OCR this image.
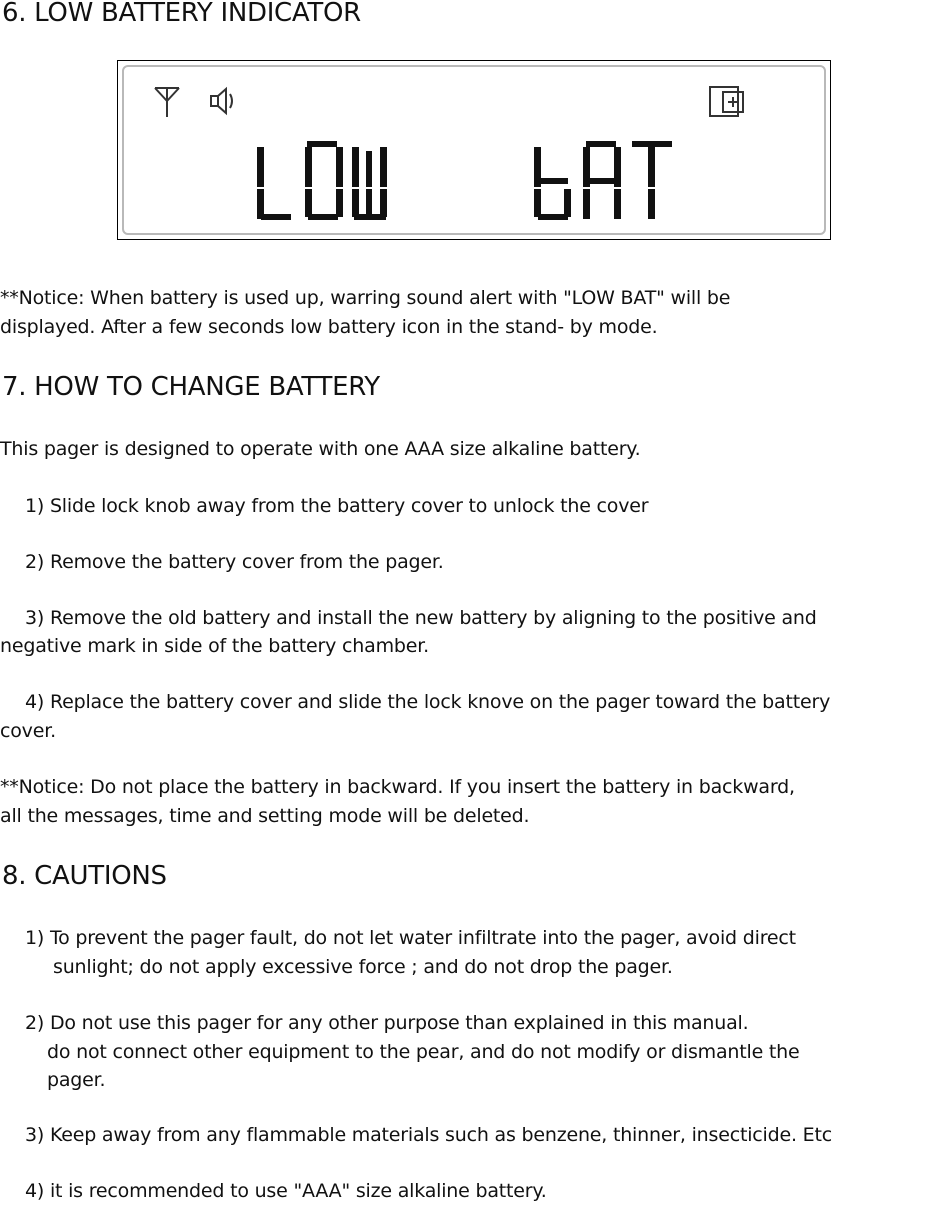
6. LOW BATTERY INDICATOR
**Notice: When battery is used up, warring sound alert with "LOW BAT" will be
displayed. After a few seconds low battery icon in the stand- by mode.
7. HOW TO CHANGE BATTERY
This pager is designed to operate with one AAA size alkaline battery.
1) Slide lock knob away from the battery cover to unlock the cover
2) Remove the battery cover from the pager.
3) Remove the old battery and install the new battery by aligning to the positive and
negative mark in side of the battery chamber.
4) Replace the battery cover and slide the lock knove on the pager toward the battery
cover.
**Notice: Do not place the battery in backward. If you insert the battery in backward,
all the messages, time and setting mode will be deleted.
8. CAUTIONS
1) To prevent the pager fault, do not let water infiltrate into the pager, avoid direct
sunlight; do not apply excessive force ; and do not drop the pager.
2) Do not use this pager for any other purpose than explained in this manual.
do not connect other equipment to the pear, and do not modify or dismantle the
pager.
3) Keep away from any flammable materials such as benzene, thinner, insecticide. Etc
4) it is recommended to use "AAA" size alkaline battery.
